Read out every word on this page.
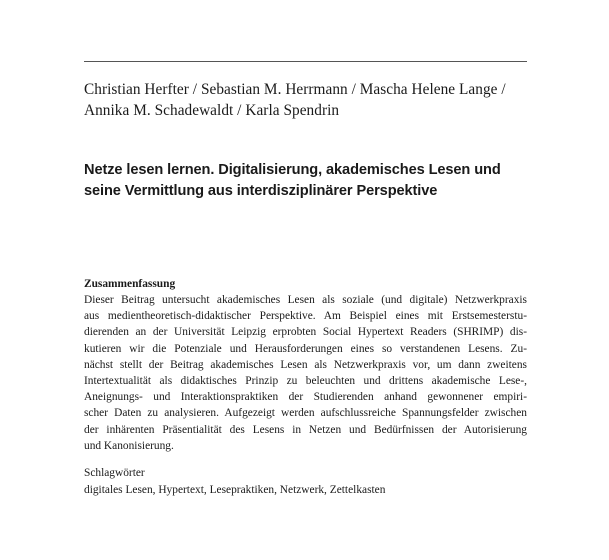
Christian Herfter / Sebastian M. Herrmann / Mascha Helene Lange /
Annika M. Schadewaldt / Karla Spendrin
Netze lesen lernen. Digitalisierung, akademisches Lesen und
seine Vermittlung aus interdisziplinärer Perspektive
Zusammenfassung
Dieser Beitrag untersucht akademisches Lesen als soziale (und digitale) Netzwerkpraxis
aus medientheoretisch-didaktischer Perspektive. Am Beispiel eines mit Erstsemesterstu-
dierenden an der Universität Leipzig erprobten Social Hypertext Readers (SHRIMP) dis-
kutieren wir die Potenziale und Herausforderungen eines so verstandenen Lesens. Zu-
nächst stellt der Beitrag akademisches Lesen als Netzwerkpraxis vor, um dann zweitens
Intertextualität als didaktisches Prinzip zu beleuchten und drittens akademische Lese-,
Aneignungs- und Interaktionspraktiken der Studierenden anhand gewonnener empiri-
scher Daten zu analysieren. Aufgezeigt werden aufschlussreiche Spannungsfelder zwischen
der inhärenten Präsentialität des Lesens in Netzen und Bedürfnissen der Autorisierung
und Kanonisierung.
Schlagwörter
digitales Lesen, Hypertext, Lesepraktiken, Netzwerk, Zettelkasten
